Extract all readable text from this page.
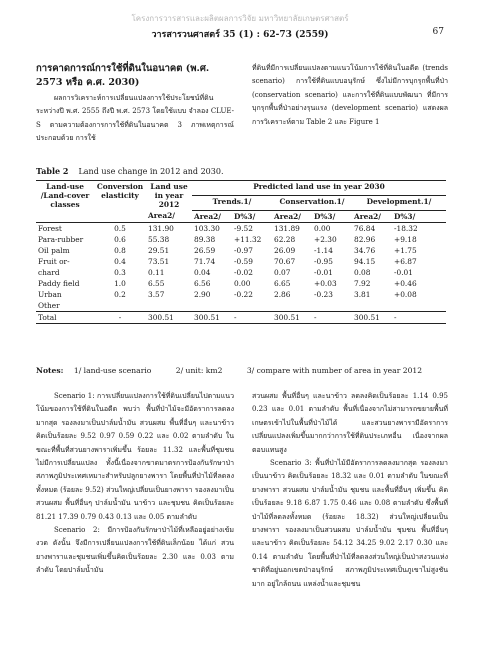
โครงการวารสารและผลิตผลการวิจัย มหาวิทยาลัยเกษตรศาสตร์
วารสารวนศาสตร์ 35 (1) : 62-73 (2559)	67
การคาดการณ์การใช้ที่ดินในอนาคต (พ.ศ. 2573 หรือ ค.ศ. 2030)

ผลการวิเคราะห์การเปลี่ยนแปลงการใช้ประโยชน์ที่ดินระหว่างปี พ.ศ. 2555 ถึงปี พ.ศ. 2573 โดยใช้แบบ จำลอง CLUE-S ตามความต้องการการใช้ที่ดินในอนาคต 3 ภาพเหตุการณ์ ประกอบด้วย การใช้

ที่ดินที่มีการเปลี่ยนแปลงตามแนวโน้มการใช้ที่ดินในอดีต (trends scenario) การใช้ที่ดินแบบอนุรักษ์ ซึ่งไม่มีการบุกรุกพื้นที่ป่า (conservation scenario) และการใช้ที่ดินแบบพัฒนา ที่มีการบุกรุกพื้นที่ป่าอย่างรุนแรง (development scenario) แสดงผลการวิเคราะห์ตาม Table 2 และ Figure 1

Table 2 Land use change in 2012 and 2030.
Land-use /Land-cover classes	Conversion elasticity	Land use in year 2012	Predicted land use in year 2030					
			Trends.1/		Conservation.1/		Development.1/	
		Area2/	Area2/	D%3/	Area2/	D%3/	Area2/	D%3/
Forest	0.5	131.90	103.30	-9.52	131.89	0.00	76.84	-18.32
Para-rubber	0.6	55.38	89.38	+11.32	62.28	+2.30	82.96	+9.18
Oil palm	0.8	29.51	26.59	-0.97	26.09	-1.14	34.76	+1.75
Fruit or-	0.4	73.51	71.74	-0.59	70.67	-0.95	94.15	+6.87
chard	0.3	0.11	0.04	-0.02	0.07	-0.01	0.08	-0.01
Paddy field	1.0	6.55	6.56	0.00	6.65	+0.03	7.92	+0.46
Urban	0.2	3.57	2.90	-0.22	2.86	-0.23	3.81	+0.08
Other								
Total	-	300.51	300.51	-	300.51	-	300.51	-
Notes: 1/ land-use scenario	2/ unit: km2	3/ compare with number of area in year 2012

Scenario 1: การเปลี่ยนแปลงการใช้ที่ดินเปลี่ยนไปตามแนวโน้มของการใช้ที่ดินในอดีต พบว่า พื้นที่ป่าไม้จะมีอัตราการลดลงมากสุด รองลงมาเป็นปาล์มน้ำมัน สวนผสม พื้นที่อื่นๆ และนาข้าว คิดเป็นร้อยละ 9.52 0.97 0.59 0.22 และ 0.02 ตามลำดับ ในขณะที่พื้นที่สวนยางพาราเพิ่มขึ้น ร้อยละ 11.32 และพื้นที่ชุมชนไม่มีการเปลี่ยนแปลง ทั้งนี้เนื่องจากขาดมาตรการป้องกันรักษาป่า สภาพภูมิประเทศเหมาะสำหรับปลูกยางพารา โดยพื้นที่ป่าไม้ที่ลดลงทั้งหมด (ร้อยละ 9.52) ส่วนใหญ่เปลี่ยนเป็นยางพารา รองลงมาเป็นสวนผสม พื้นที่อื่นๆ ปาล์มน้ำมัน นาข้าว และชุมชน คิดเป็นร้อยละ 81.21 17.39 0.79 0.43 0.13 และ 0.05 ตามลำดับ

Scenario 2: มีการป้องกันรักษาป่าไม้ที่เหลืออยู่อย่างเข้มงวด ดังนั้น จึงมีการเปลี่ยนแปลงการใช้ที่ดินเล็กน้อย ได้แก่ สวนยางพาราและชุมชนเพิ่มขึ้นคิดเป็นร้อยละ 2.30 และ 0.03 ตามลำดับ โดยปาล์มน้ำมัน

สวนผสม พื้นที่อื่นๆ และนาข้าว ลดลงคิดเป็นร้อยละ 1.14 0.95 0.23 และ 0.01 ตามลำดับ พื้นที่เนื่องจากไม่สามารถขยายพื้นที่เกษตรเข้าไปในพื้นที่ป่าไม้ได้ และสวนยางพารามีอัตราการเปลี่ยนแปลงเพิ่มขึ้นมากกว่าการใช้ที่ดินประเภทอื่น เนื่องจากผลตอบแทนสูง

Scenario 3: พื้นที่ป่าไม้มีอัตราการลดลงมากสุด รองลงมาเป็นนาข้าว คิดเป็นร้อยละ 18.32 และ 0.01 ตามลำดับ ในขณะที่ยางพารา สวนผสม ปาล์มน้ำมัน ชุมชน และพื้นที่อื่นๆ เพิ่มขึ้น คิดเป็นร้อยละ 9.18 6.87 1.75 0.46 และ 0.08 ตามลำดับ ซึ่งพื้นที่ป่าไม้ที่ลดลงทั้งหมด (ร้อยละ 18.32) ส่วนใหญ่เปลี่ยนเป็นยางพารา รองลงมาเป็นสวนผสม ปาล์มน้ำมัน ชุมชน พื้นที่อื่นๆ และนาข้าว คิดเป็นร้อยละ 54.12 34.25 9.02 2.17 0.30 และ 0.14 ตามลำดับ โดยพื้นที่ป่าไม้ที่ลดลงส่วนใหญ่เป็นป่าสงวนแห่งชาติที่อยู่นอกเขตป่าอนุรักษ์ สภาพภูมิประเทศเป็นภูเขาไม่สูงชันมาก อยู่ใกล้ถนน แหล่งน้ำและชุมชน
